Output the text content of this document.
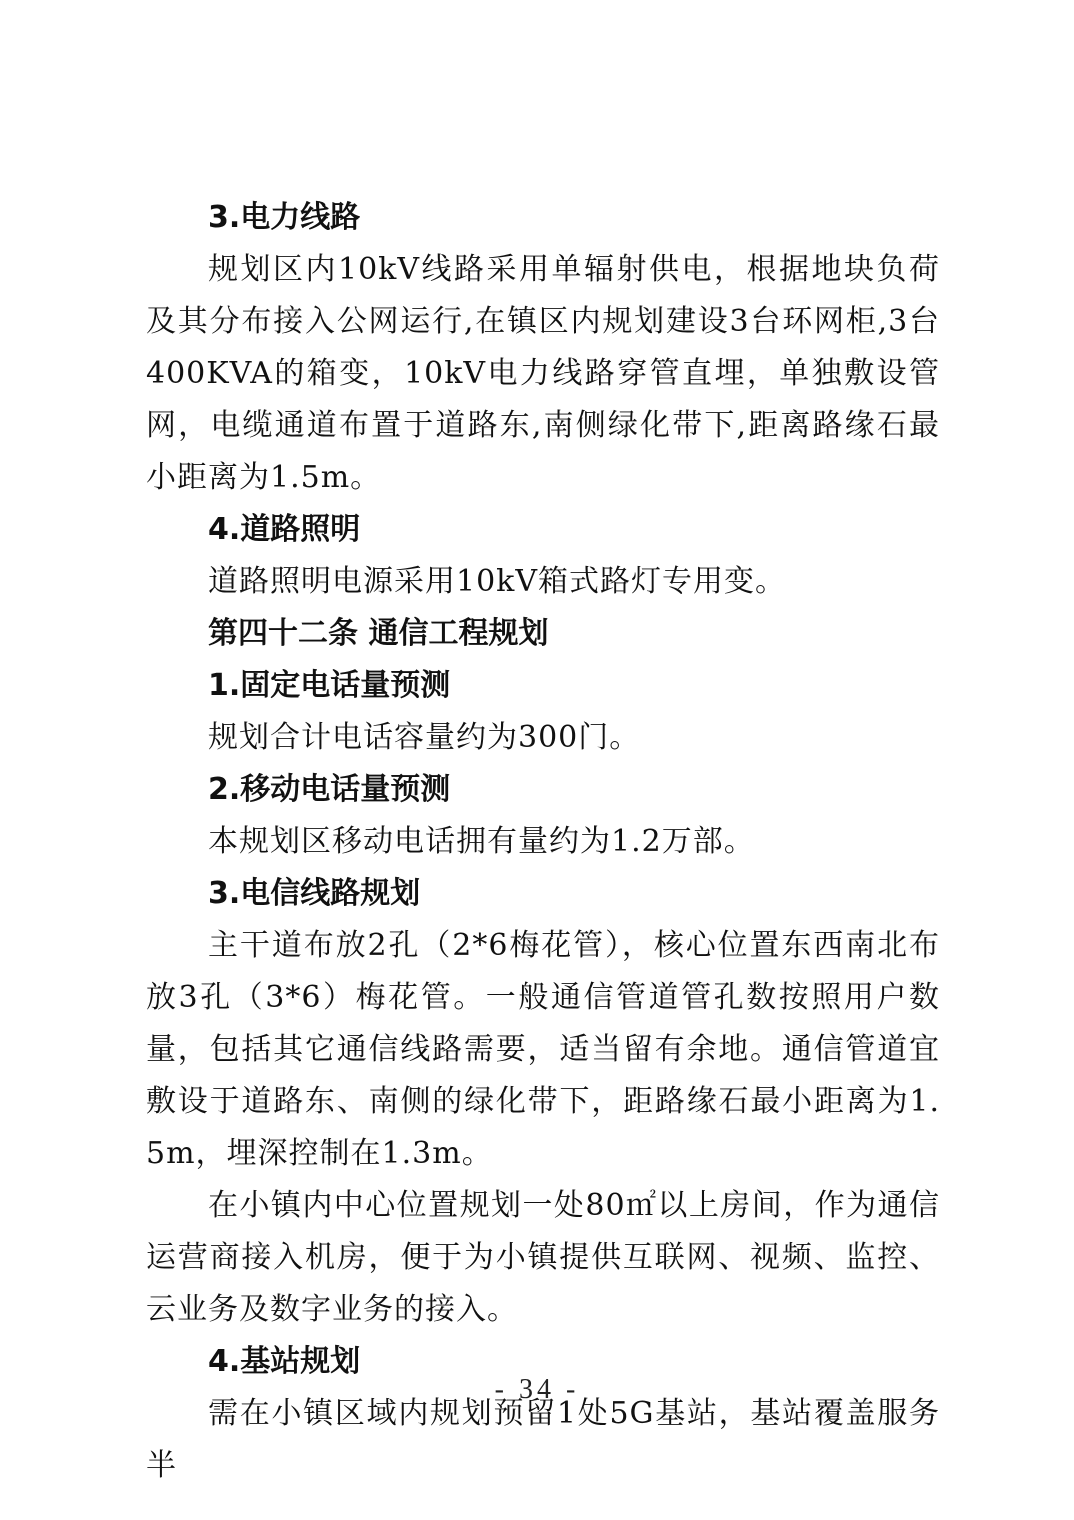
3.电力线路

规划区内10kV线路采用单辐射供电，根据地块负荷及其分布接入公网运行,在镇区内规划建设3台环网柜,3台400KVA的箱变，10kV电力线路穿管直埋，单独敷设管网，电缆通道布置于道路东,南侧绿化带下,距离路缘石最小距离为1.5m。

4.道路照明

道路照明电源采用10kV箱式路灯专用变。

第四十二条 通信工程规划
1.固定电话量预测

规划合计电话容量约为300门。

2.移动电话量预测

本规划区移动电话拥有量约为1.2万部。

3.电信线路规划

主干道布放2孔（2*6梅花管），核心位置东西南北布放3孔（3*6）梅花管。一般通信管道管孔数按照用户数量，包括其它通信线路需要，适当留有余地。通信管道宜敷设于道路东、南侧的绿化带下，距路缘石最小距离为1.5m，埋深控制在1.3m。

在小镇内中心位置规划一处80㎡以上房间，作为通信运营商接入机房，便于为小镇提供互联网、视频、监控、云业务及数字业务的接入。

4.基站规划

需在小镇区域内规划预留1处5G基站，基站覆盖服务半

- 34 -
